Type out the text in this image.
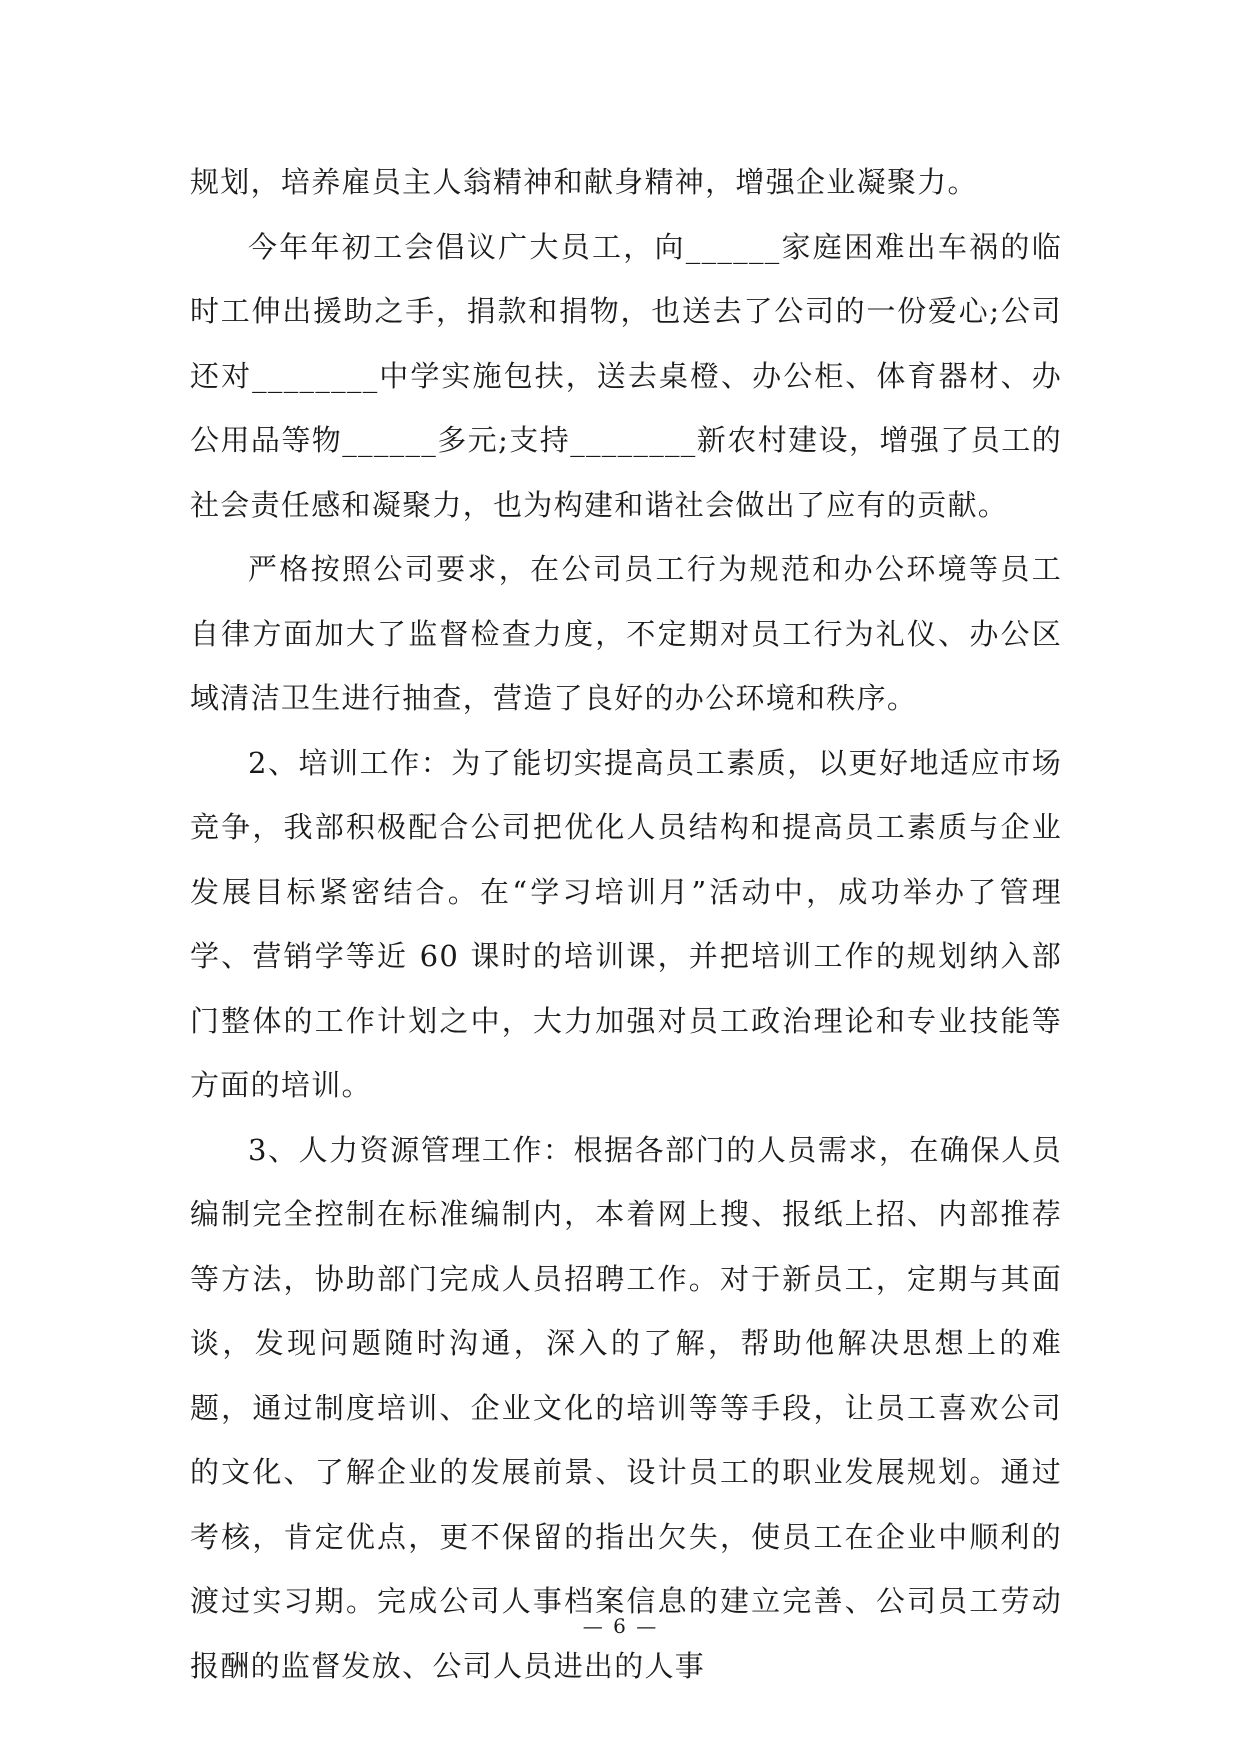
规划，培养雇员主人翁精神和献身精神，增强企业凝聚力。

今年年初工会倡议广大员工，向______家庭困难出车祸的临时工伸出援助之手，捐款和捐物，也送去了公司的一份爱心;公司还对________中学实施包扶，送去桌橙、办公柜、体育器材、办公用品等物______多元;支持________新农村建设，增强了员工的社会责任感和凝聚力，也为构建和谐社会做出了应有的贡献。

严格按照公司要求，在公司员工行为规范和办公环境等员工自律方面加大了监督检查力度，不定期对员工行为礼仪、办公区域清洁卫生进行抽查，营造了良好的办公环境和秩序。

2、培训工作：为了能切实提高员工素质，以更好地适应市场竞争，我部积极配合公司把优化人员结构和提高员工素质与企业发展目标紧密结合。在“学习培训月”活动中，成功举办了管理学、营销学等近 60 课时的培训课，并把培训工作的规划纳入部门整体的工作计划之中，大力加强对员工政治理论和专业技能等方面的培训。

3、人力资源管理工作：根据各部门的人员需求，在确保人员编制完全控制在标准编制内，本着网上搜、报纸上招、内部推荐等方法，协助部门完成人员招聘工作。对于新员工，定期与其面谈，发现问题随时沟通，深入的了解，帮助他解决思想上的难题，通过制度培训、企业文化的培训等等手段，让员工喜欢公司的文化、了解企业的发展前景、设计员工的职业发展规划。通过考核，肯定优点，更不保留的指出欠失，使员工在企业中顺利的渡过实习期。完成公司人事档案信息的建立完善、公司员工劳动报酬的监督发放、公司人员进出的人事

— 6 —
